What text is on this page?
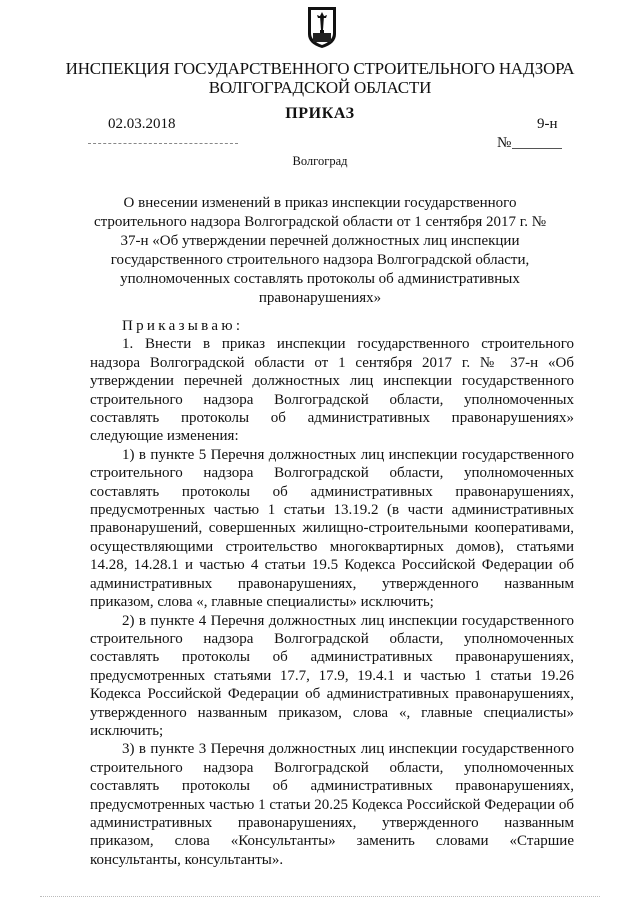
ИНСПЕКЦИЯ ГОСУДАРСТВЕННОГО СТРОИТЕЛЬНОГО НАДЗОРА
ВОЛГОГРАДСКОЙ ОБЛАСТИ
ПРИКАЗ
02.03.2018	9-н
№
Волгоград
О внесении изменений в приказ инспекции государственного строительного надзора Волгоградской области от 1 сентября 2017 г. № 37-н «Об утверждении перечней должностных лиц инспекции государственного строительного надзора Волгоградской области, уполномоченных составлять протоколы об административных правонарушениях»
Приказываю:

1. Внести в приказ инспекции государственного строительного надзора Волгоградской области от 1 сентября 2017 г. № 37-н «Об утверждении перечней должностных лиц инспекции государственного строительного надзора Волгоградской области, уполномоченных составлять протоколы об административных правонарушениях» следующие изменения:

1) в пункте 5 Перечня должностных лиц инспекции государственного строительного надзора Волгоградской области, уполномоченных составлять протоколы об административных правонарушениях, предусмотренных частью 1 статьи 13.19.2 (в части административных правонарушений, совершенных жилищно-строительными кооперативами, осуществляющими строительство многоквартирных домов), статьями 14.28, 14.28.1 и частью 4 статьи 19.5 Кодекса Российской Федерации об административных правонарушениях, утвержденного названным приказом, слова «, главные специалисты» исключить;

2) в пункте 4 Перечня должностных лиц инспекции государственного строительного надзора Волгоградской области, уполномоченных составлять протоколы об административных правонарушениях, предусмотренных статьями 17.7, 17.9, 19.4.1 и частью 1 статьи 19.26 Кодекса Российской Федерации об административных правонарушениях, утвержденного названным приказом, слова «, главные специалисты» исключить;

3) в пункте 3 Перечня должностных лиц инспекции государственного строительного надзора Волгоградской области, уполномоченных составлять протоколы об административных правонарушениях, предусмотренных частью 1 статьи 20.25 Кодекса Российской Федерации об административных правонарушениях, утвержденного названным приказом, слова «Консультанты» заменить словами «Старшие консультанты, консультанты».
